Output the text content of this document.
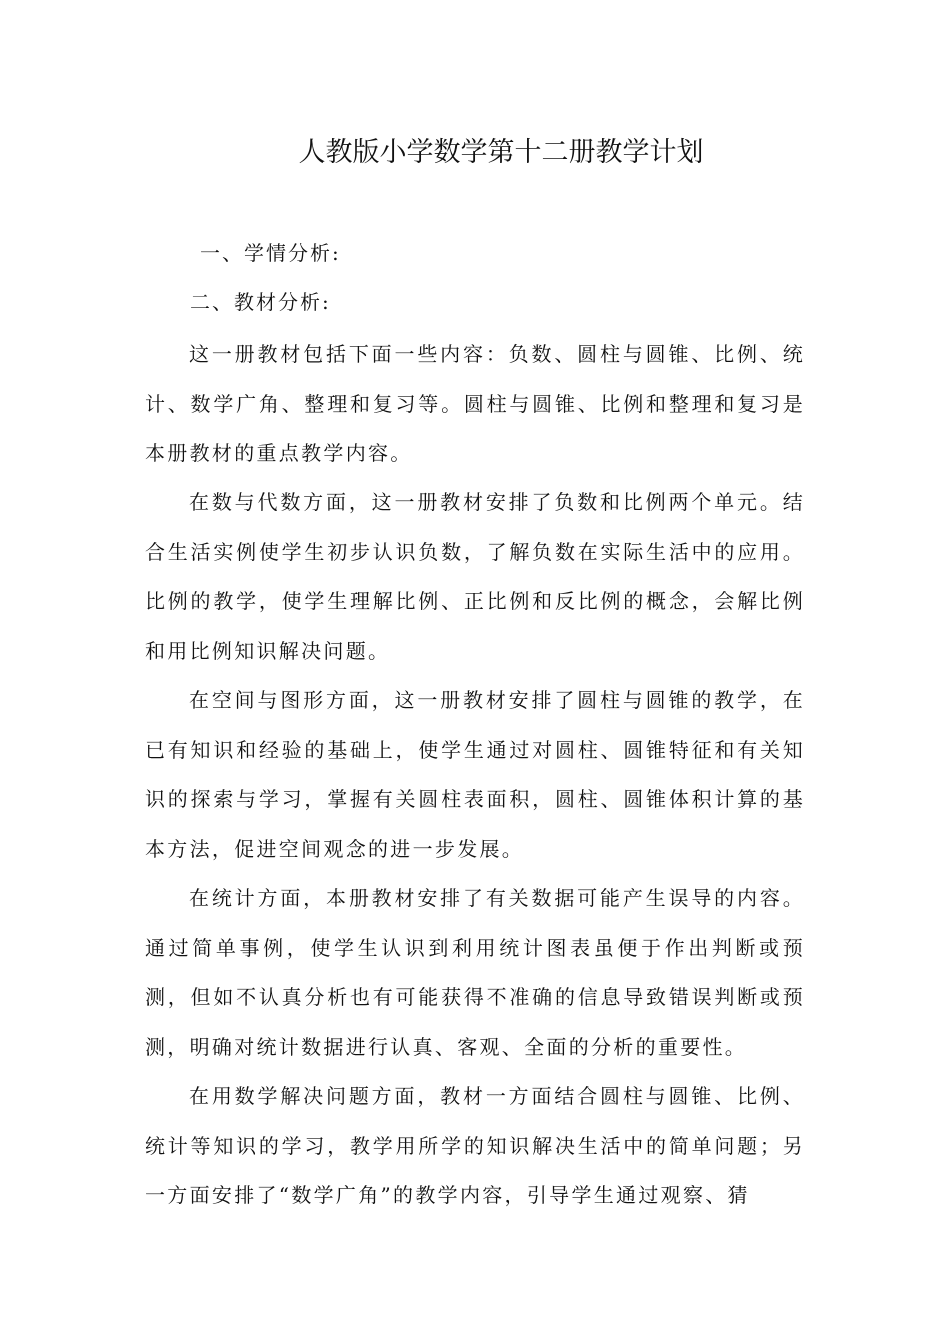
人教版小学数学第十二册教学计划
一、学情分析:
二、教材分析:

这一册教材包括下面一些内容：负数、圆柱与圆锥、比例、统计、数学广角、整理和复习等。圆柱与圆锥、比例和整理和复习是本册教材的重点教学内容。

在数与代数方面，这一册教材安排了负数和比例两个单元。结合生活实例使学生初步认识负数，了解负数在实际生活中的应用。比例的教学，使学生理解比例、正比例和反比例的概念，会解比例和用比例知识解决问题。

在空间与图形方面，这一册教材安排了圆柱与圆锥的教学，在已有知识和经验的基础上，使学生通过对圆柱、圆锥特征和有关知识的探索与学习，掌握有关圆柱表面积，圆柱、圆锥体积计算的基本方法，促进空间观念的进一步发展。

在统计方面，本册教材安排了有关数据可能产生误导的内容。通过简单事例，使学生认识到利用统计图表虽便于作出判断或预测，但如不认真分析也有可能获得不准确的信息导致错误判断或预测，明确对统计数据进行认真、客观、全面的分析的重要性。

在用数学解决问题方面，教材一方面结合圆柱与圆锥、比例、统计等知识的学习，教学用所学的知识解决生活中的简单问题；另一方面安排了“数学广角”的教学内容，引导学生通过观察、猜
